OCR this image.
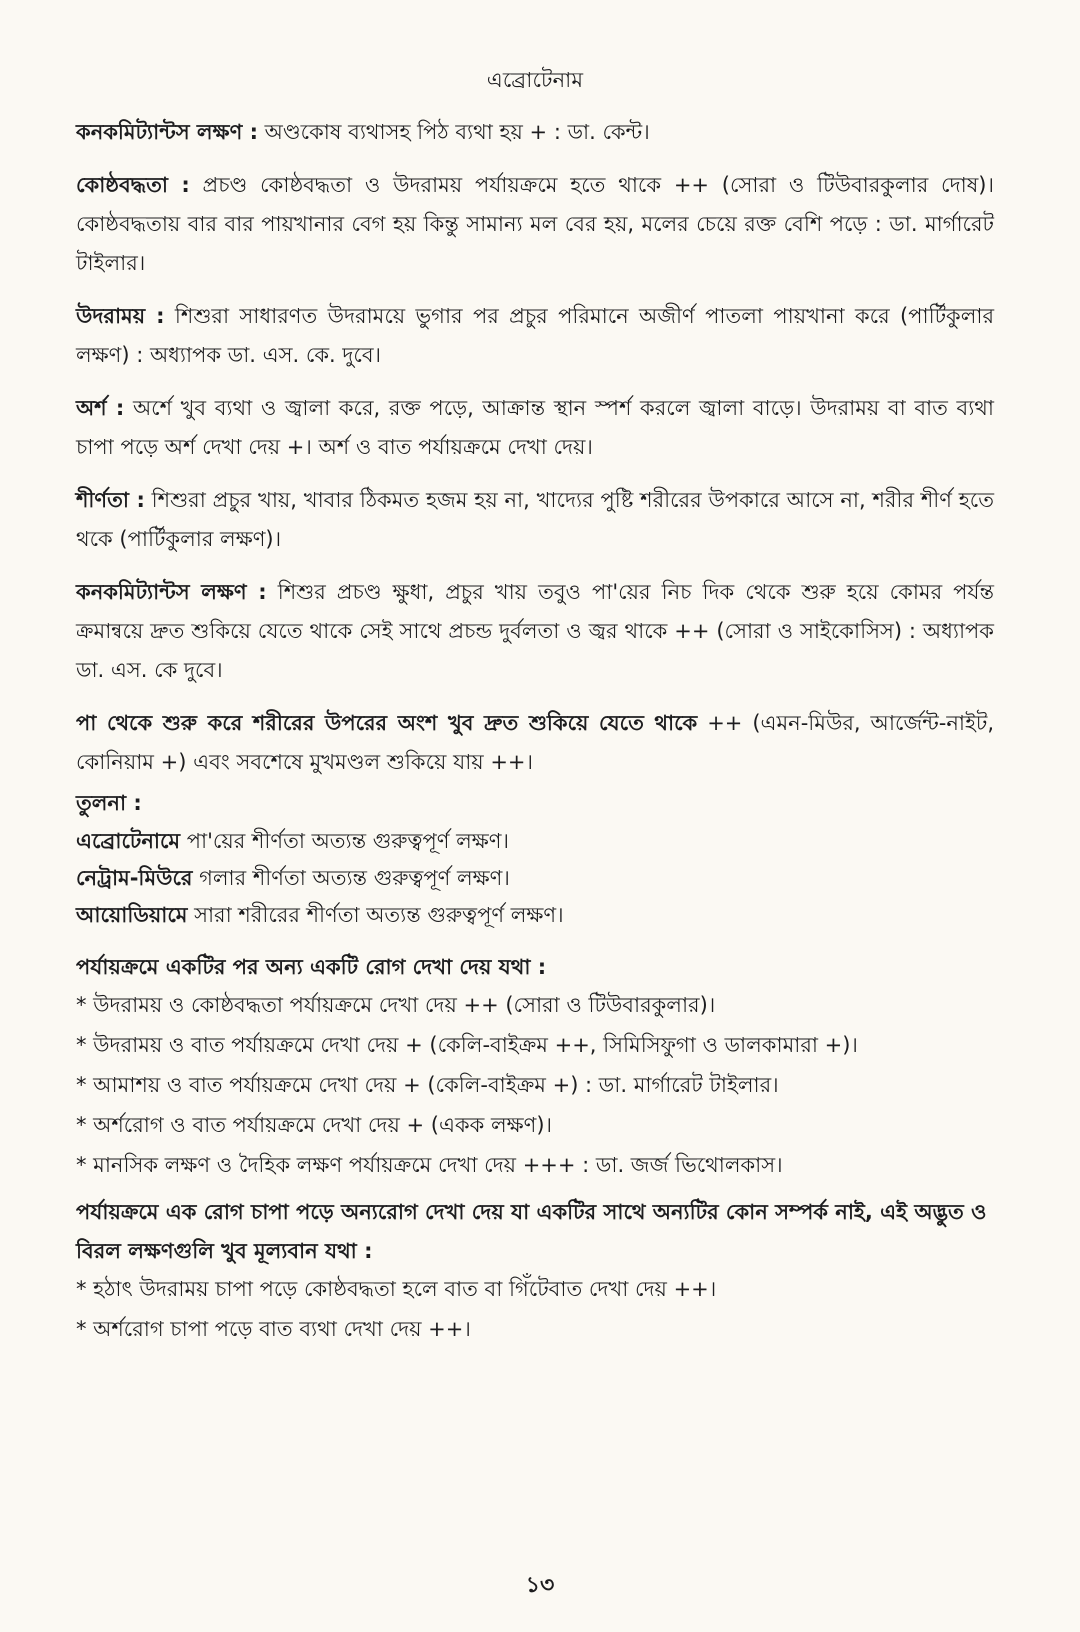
এব্রোটেনাম

কনকমিট্যান্টস লক্ষণ : অণ্ডকোষ ব্যথাসহ পিঠ ব্যথা হয় + : ডা. কেন্ট।

কোষ্ঠবদ্ধতা : প্রচণ্ড কোষ্ঠবদ্ধতা ও উদরাময় পর্যায়ক্রমে হতে থাকে ++ (সোরা ও টিউবারকুলার দোষ)। কোষ্ঠবদ্ধতায় বার বার পায়খানার বেগ হয় কিন্তু সামান্য মল বের হয়, মলের চেয়ে রক্ত বেশি পড়ে : ডা. মার্গারেট টাইলার।

উদরাময় : শিশুরা সাধারণত উদরাময়ে ভুগার পর প্রচুর পরিমানে অজীর্ণ পাতলা পায়খানা করে (পার্টিকুলার লক্ষণ) : অধ্যাপক ডা. এস. কে. দুবে।

অর্শ : অর্শে খুব ব্যথা ও জ্বালা করে, রক্ত পড়ে, আক্রান্ত স্থান স্পর্শ করলে জ্বালা বাড়ে। উদরাময় বা বাত ব্যথা চাপা পড়ে অর্শ দেখা দেয় +। অর্শ ও বাত পর্যায়ক্রমে দেখা দেয়।

শীর্ণতা : শিশুরা প্রচুর খায়, খাবার ঠিকমত হজম হয় না, খাদ্যের পুষ্টি শরীরের উপকারে আসে না, শরীর শীর্ণ হতে থকে (পার্টিকুলার লক্ষণ)।

কনকমিট্যান্টস লক্ষণ : শিশুর প্রচণ্ড ক্ষুধা, প্রচুর খায় তবুও পা'য়ের নিচ দিক থেকে শুরু হয়ে কোমর পর্যন্ত ক্রমান্বয়ে দ্রুত শুকিয়ে যেতে থাকে সেই সাথে প্রচন্ড দুর্বলতা ও জ্বর থাকে ++ (সোরা ও সাইকোসিস) : অধ্যাপক ডা. এস. কে দুবে।

পা থেকে শুরু করে শরীরের উপরের অংশ খুব দ্রুত শুকিয়ে যেতে থাকে ++ (এমন-মিউর, আর্জেন্ট-নাইট, কোনিয়াম +) এবং সবশেষে মুখমণ্ডল শুকিয়ে যায় ++।

তুলনা :

এব্রোটেনামে পা'য়ের শীর্ণতা অত্যন্ত গুরুত্বপূর্ণ লক্ষণ।

নেট্রাম-মিউরে গলার শীর্ণতা অত্যন্ত গুরুত্বপূর্ণ লক্ষণ।

আয়োডিয়ামে সারা শরীরের শীর্ণতা অত্যন্ত গুরুত্বপূর্ণ লক্ষণ।

পর্যায়ক্রমে একটির পর অন্য একটি রোগ দেখা দেয় যথা :

* উদরাময় ও কোষ্ঠবদ্ধতা পর্যায়ক্রমে দেখা দেয় ++ (সোরা ও টিউবারকুলার)।

* উদরাময় ও বাত পর্যায়ক্রমে দেখা দেয় + (কেলি-বাইক্রম ++, সিমিসিফুগা ও ডালকামারা +)।

* আমাশয় ও বাত পর্যায়ক্রমে দেখা দেয় + (কেলি-বাইক্রম +) : ডা. মার্গারেট টাইলার।

* অর্শরোগ ও বাত পর্যায়ক্রমে দেখা দেয় + (একক লক্ষণ)।

* মানসিক লক্ষণ ও দৈহিক লক্ষণ পর্যায়ক্রমে দেখা দেয় +++ : ডা. জর্জ ভিথোলকাস।

পর্যায়ক্রমে এক রোগ চাপা পড়ে অন্যরোগ দেখা দেয় যা একটির সাথে অন্যটির কোন সম্পর্ক নাই, এই অদ্ভুত ও বিরল লক্ষণগুলি খুব মূল্যবান যথা :

* হঠাৎ উদরাময় চাপা পড়ে কোষ্ঠবদ্ধতা হলে বাত বা গিঁটেবাত দেখা দেয় ++।

* অর্শরোগ চাপা পড়ে বাত ব্যথা দেখা দেয় ++।

১৩
